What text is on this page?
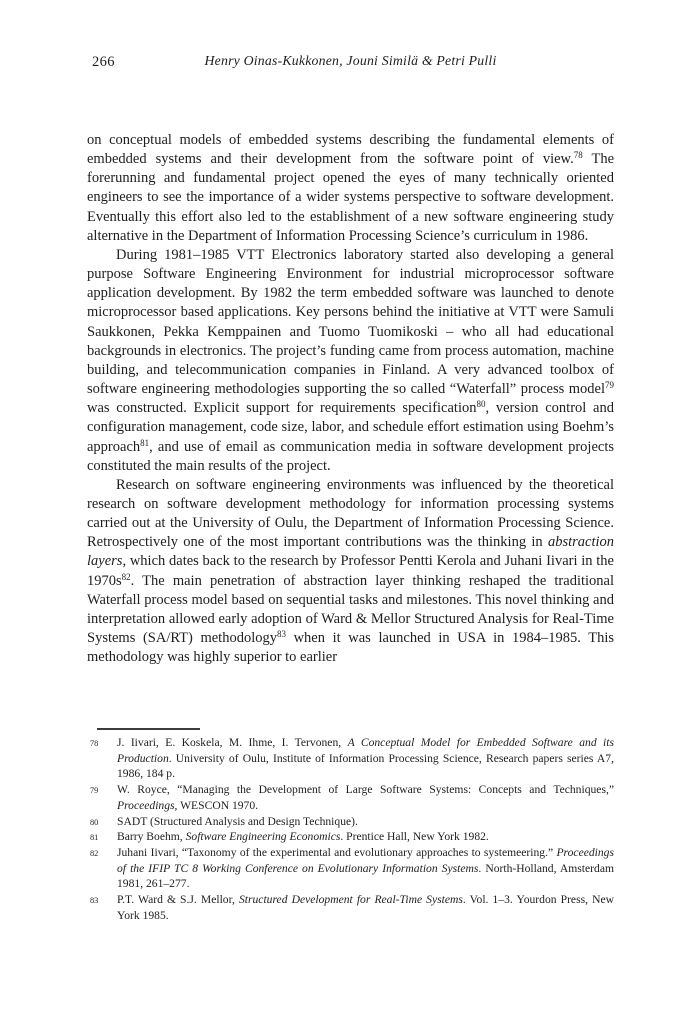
266	Henry Oinas-Kukkonen, Jouni Similä & Petri Pulli

on conceptual models of embedded systems describing the fundamental elements of embedded systems and their development from the software point of view.$^{78}$ The forerunning and fundamental project opened the eyes of many technically oriented engineers to see the importance of a wider systems perspective to software development. Eventually this effort also led to the establishment of a new software engineering study alternative in the Department of Information Processing Science’s curriculum in 1986.

During 1981–1985 VTT Electronics laboratory started also developing a general purpose Software Engineering Environment for industrial microprocessor software application development. By 1982 the term embedded software was launched to denote microprocessor based applications. Key persons behind the initiative at VTT were Samuli Saukkonen, Pekka Kemppainen and Tuomo Tuomikoski – who all had educational backgrounds in electronics. The project’s funding came from process automation, machine building, and telecommunication companies in Finland. A very advanced toolbox of software engineering methodologies supporting the so called “Waterfall” process model$^{79}$ was constructed. Explicit support for requirements specification$^{80}$, version control and configuration management, code size, labor, and schedule effort estimation using Boehm’s approach$^{81}$, and use of email as communication media in software development projects constituted the main results of the project.

Research on software engineering environments was influenced by the theoretical research on software development methodology for information processing systems carried out at the University of Oulu, the Department of Information Processing Science. Retrospectively one of the most important contributions was the thinking in abstraction layers, which dates back to the research by Professor Pentti Kerola and Juhani Iivari in the $1970s^{82}$. The main penetration of abstraction layer thinking reshaped the traditional Waterfall process model based on sequential tasks and milestones. This novel thinking and interpretation allowed early adoption of Ward & Mellor Structured Analysis for Real-Time Systems (SA/RT) methodology$^{83}$ when it was launched in USA in 1984–1985. This methodology was highly superior to earlier

78 J. Iivari, E. Koskela, M. Ihme, I. Tervonen, A Conceptual Model for Embedded Software and its Production. University of Oulu, Institute of Information Processing Science, Research papers series A7, 1986, 184 p.
79 W. Royce, “Managing the Development of Large Software Systems: Concepts and Techniques,” Proceedings, WESCON 1970.
80 SADT (Structured Analysis and Design Technique).
81 Barry Boehm, Software Engineering Economics. Prentice Hall, New York 1982.
82 Juhani Iivari, “Taxonomy of the experimental and evolutionary approaches to systemeering.” Proceedings of the IFIP TC 8 Working Conference on Evolutionary Information Systems. North-Holland, Amsterdam 1981, 261–277.
83 P.T. Ward & S.J. Mellor, Structured Development for Real-Time Systems. Vol. 1–3. Yourdon Press, New York 1985.
